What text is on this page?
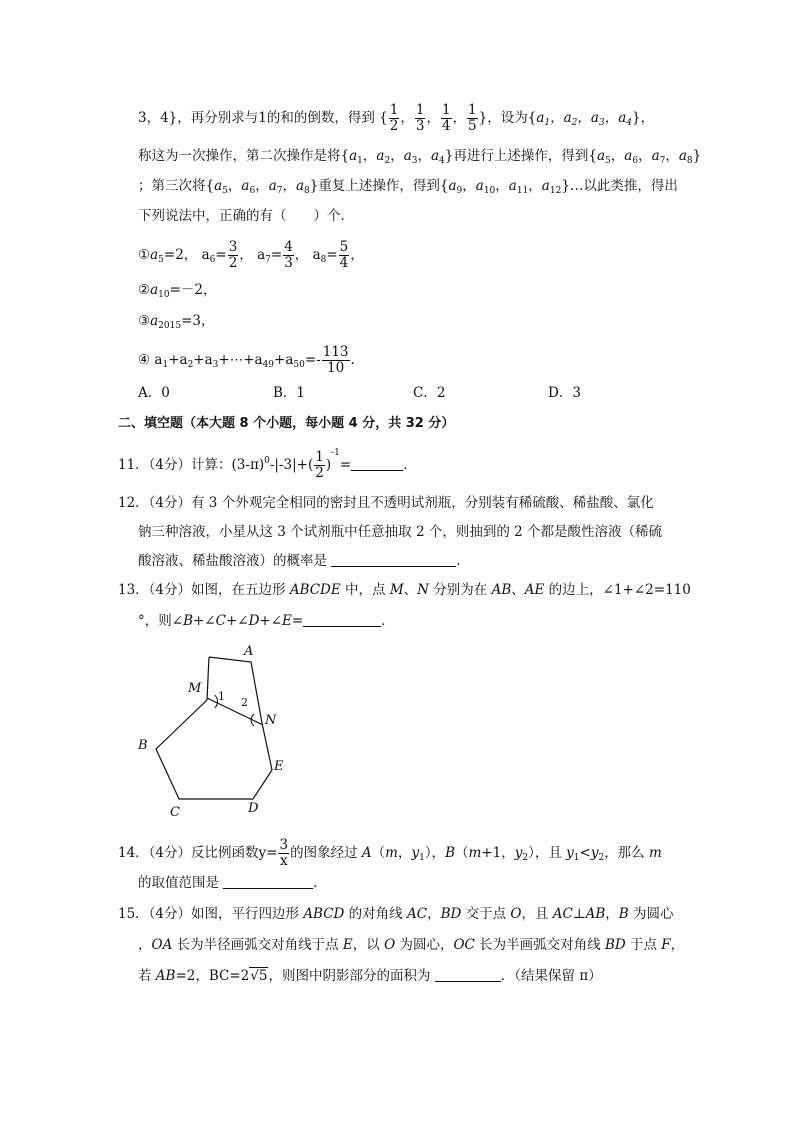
3，4}，再分别求与1的和的倒数，得到 { $\frac{1}{2}$ ， $\frac{1}{3}$ ， $\frac{1}{4}$ ， $\frac{1}{5}$ }，设为{$a_1$，$a_2$，$a_3$，$a_4$}，
称这为一次操作，第二次操作是将{$a_1$，$a_2$，$a_3$，$a_4$}再进行上述操作，得到{$a_5$，$a_6$，$a_7$，$a_8$}
；第三次将{$a_5$，$a_6$，$a_7$，$a_8$}重复上述操作，得到{$a_9$，$a_{10}$，$a_{11}$，$a_{12}\}\dots$以此类推，得出
下列说法中，正确的有（　　）个．
$①a_5=2$， $a_6= \frac{3}{2}$ ， $a_7= \frac{4}{3}$ ， $a_8= \frac{5}{4}$ ，
$②a_{10}=-2$，
$③a_{2015}=3$，
④ $a_1+a_2+a_3+\cdots+a_{49}+a_{50}=- \frac{113}{10}$ .
A．0	B．1	C．2	D．3
二、填空题（本大题 8 个小题，每小题 4 分，共 32 分）
11．（4分）计算：$(3-\pi)^0-|-3|+( \frac{1}{2} )^{-1}=$	．
12．（4分）有 3 个外观完全相同的密封且不透明试剂瓶，分别装有稀硫酸、稀盐酸、氯化
钠三种溶液，小星从这 3 个试剂瓶中任意抽取 2 个，则抽到的 2 个都是酸性溶液（稀硫
酸溶液、稀盐酸溶液）的概率是	．
13．（4分）如图，在五边形 ABCDE 中，点 M、N 分别为在 AB、AE 的边上，∠1+∠2=110
°，则∠B+∠C+∠D+∠E=	．
A
M
1 2
N
B
E
C	D
14．（4分）反比例函数$y= \frac{3}{x}$ 的图象经过 A（m，$y_1$），B（m+1，$y_2$），且 $y_1<y_2$，那么 m
的取值范围是	．
15．（4分）如图，平行四边形 ABCD 的对角线 AC，BD 交于点 O，且 AC⊥AB，B 为圆心
，OA 长为半径画弧交对角线于点 E，以 O 为圆心，OC 长为半画弧交对角线 BD 于点 F，
若 AB=2，BC=2√5，则图中阴影部分的面积为	．（结果保留 π）
